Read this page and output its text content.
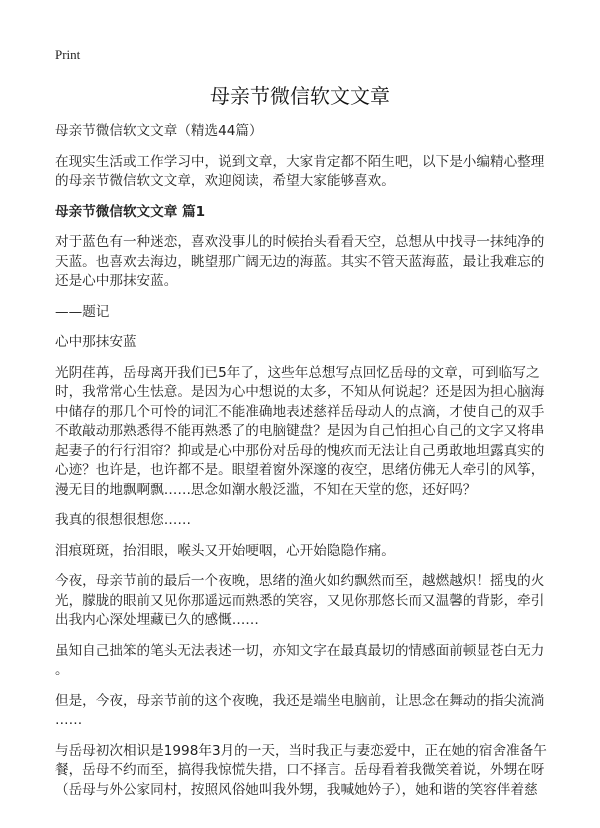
Print
母亲节微信软文文章
母亲节微信软文文章（精选44篇）
在现实生活或工作学习中，说到文章，大家肯定都不陌生吧，以下是小编精心整理
的母亲节微信软文文章，欢迎阅读，希望大家能够喜欢。
母亲节微信软文文章 篇1
对于蓝色有一种迷恋，喜欢没事儿的时候抬头看看天空，总想从中找寻一抹纯净的
天蓝。也喜欢去海边，眺望那广阔无边的海蓝。其实不管天蓝海蓝，最让我难忘的
还是心中那抹安蓝。
——题记
心中那抹安蓝
光阴荏苒，岳母离开我们已5年了，这些年总想写点回忆岳母的文章，可到临写之
时，我常常心生怯意。是因为心中想说的太多，不知从何说起？还是因为担心脑海
中储存的那几个可怜的词汇不能准确地表述慈祥岳母动人的点滴，才使自己的双手
不敢敲动那熟悉得不能再熟悉了的电脑键盘？是因为自己怕担心自己的文字又将串
起妻子的行行泪帘？抑或是心中那份对岳母的愧疚而无法让自己勇敢地坦露真实的
心迹？也许是，也许都不是。眼望着窗外深邃的夜空，思绪仿佛无人牵引的风筝，
漫无目的地飘啊飘……思念如潮水般泛滥，不知在天堂的您，还好吗？
我真的很想很想您……
泪痕斑斑，抬泪眼，喉头又开始哽咽，心开始隐隐作痛。
今夜，母亲节前的最后一个夜晚，思绪的渔火如约飘然而至，越燃越炽！摇曳的火
光，朦胧的眼前又见你那遥远而熟悉的笑容，又见你那悠长而又温馨的背影，牵引
出我内心深处埋藏已久的感慨……
虽知自己拙笨的笔头无法表述一切，亦知文字在最真最切的情感面前顿显苍白无力
。
但是，今夜，母亲节前的这个夜晚，我还是端坐电脑前，让思念在舞动的指尖流淌
……
与岳母初次相识是1998年3月的一天，当时我正与妻恋爱中，正在她的宿舍准备午
餐，岳母不约而至，搞得我惊慌失措，口不择言。岳母看着我微笑着说，外甥在呀
（岳母与外公家同村，按照风俗她叫我外甥，我喊她妗子），她和谐的笑容伴着慈
